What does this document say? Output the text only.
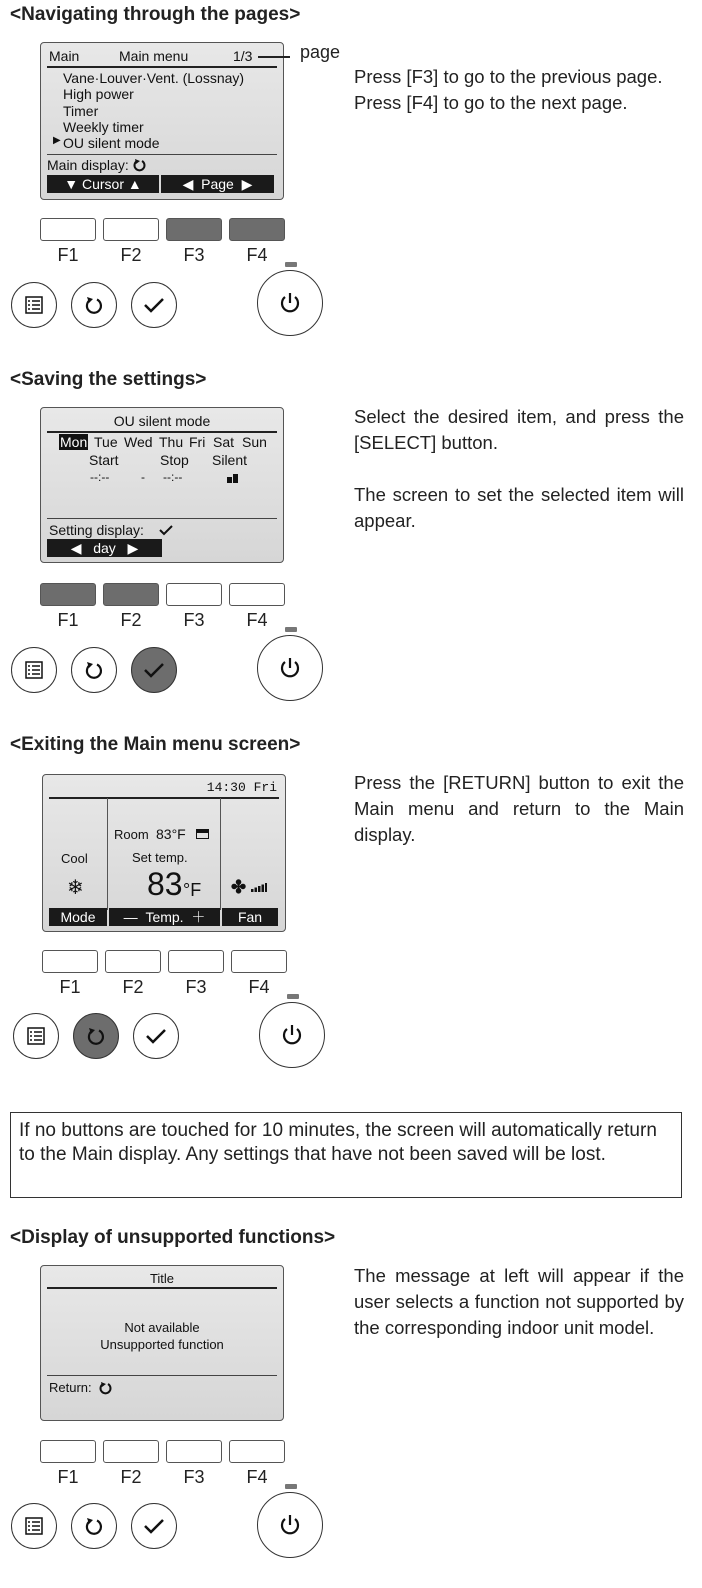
<Navigating through the pages>
Main	Main menu	1/3
Vane·Louver·Vent. (Lossnay)
High power
Timer
Weekly timer
▶ OU silent mode
Main display:
▼ Cursor ▲	◀  Page  ▶
page
Press [F3] to go to the previous page.
Press [F4] to go to the next page.
F1	F2	F3	F4
<Saving the settings>
OU silent mode
Mon Tue Wed Thu Fri Sat Sun
Start	Stop Silent
--:--	- --:--
Setting display:
◀   day   ▶

Select the desired item, and press the [SELECT] button.

The screen to set the selected item will appear.

F1	F2	F3	F4
<Exiting the Main menu screen>
14:30 Fri
Cool
❄
Room 83°F
Set temp.
83 °F ✤
Mode	—  Temp.  ＋	Fan

Press the [RETURN] button to exit the Main menu and return to the Main display.

F1	F2	F3	F4
If no buttons are touched for 10 minutes, the screen will automatically return to the Main display. Any settings that have not been saved will be lost.
<Display of unsupported functions>
Title
Not available
Unsupported function
Return:

The message at left will appear if the user selects a function not supported by the corresponding indoor unit model.

F1	F2	F3	F4
